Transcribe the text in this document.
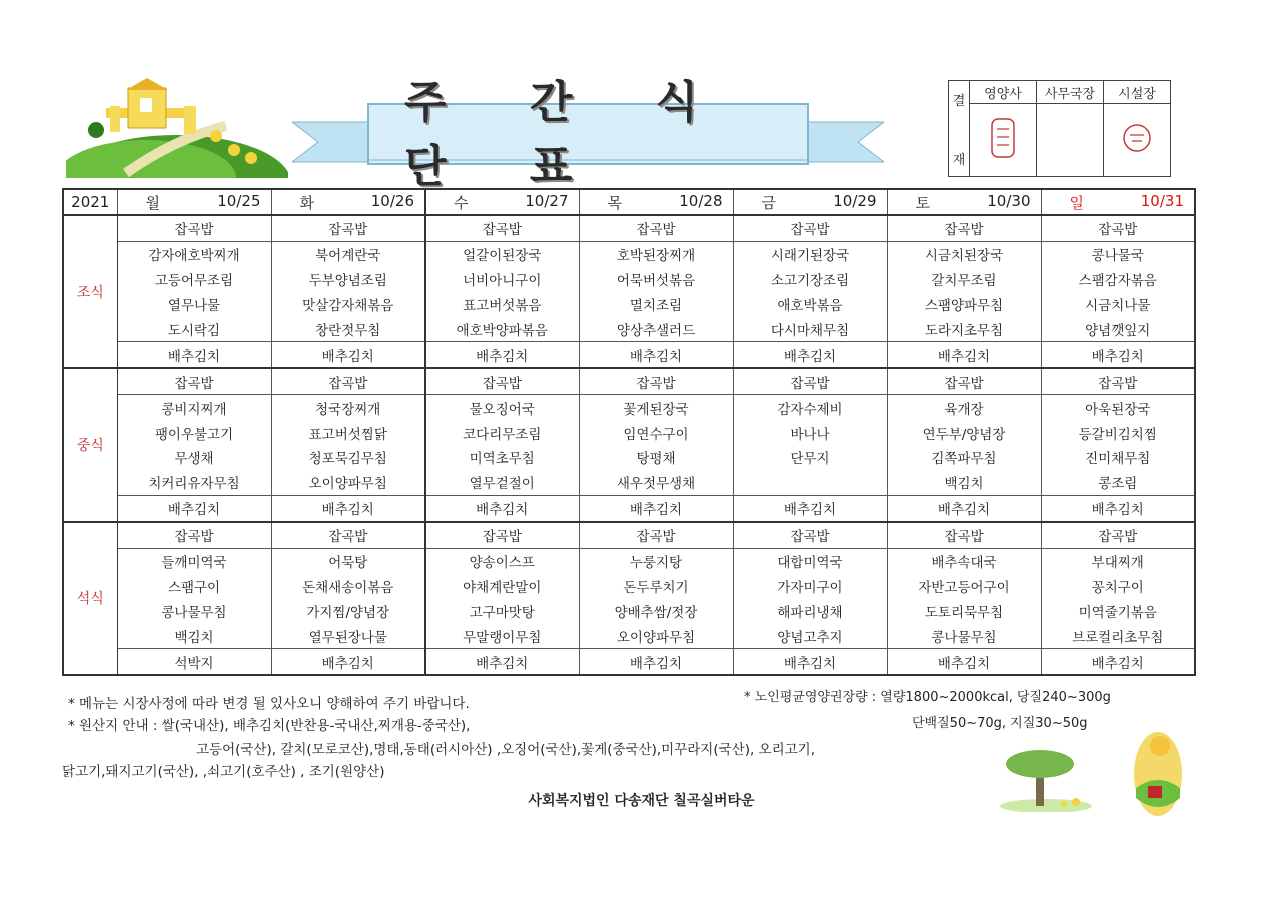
주 간 식 단 표
결
재	영양사	사무국장	시설장

2021	월 10/25	화 10/26	수 10/27	목 10/28	금 10/29	토 10/30	일 10/31

조식	잡곡밥	잡곡밥	잡곡밥	잡곡밥	잡곡밥	잡곡밥	잡곡밥
	감자애호박찌개	북어계란국	얼갈이된장국	호박된장찌개	시래기된장국	시금치된장국	콩나물국
	고등어무조림	두부양념조림	너비아니구이	어묵버섯볶음	소고기장조림	갈치무조림	스팸감자볶음
	열무나물	맛살감자채볶음	표고버섯볶음	멸치조림	애호박볶음	스팸양파무침	시금치나물
	도시락김	창란젓무침	애호박양파볶음	양상추샐러드	다시마채무침	도라지초무침	양념깻잎지
	배추김치	배추김치	배추김치	배추김치	배추김치	배추김치	배추김치
중식	잡곡밥	잡곡밥	잡곡밥	잡곡밥	잡곡밥	잡곡밥	잡곡밥
	콩비지찌개	청국장찌개	물오징어국	꽃게된장국	감자수제비	육개장	아욱된장국
	팽이우불고기	표고버섯찜닭	코다리무조림	임연수구이	바나나	연두부/양념장	등갈비김치찜
	무생채	청포묵김무침	미역초무침	탕평채	단무지	김쪽파무침	진미채무침
	치커리유자무침	오이양파무침	열무겉절이	새우젓무생채		백김치	콩조림
	배추김치	배추김치	배추김치	배추김치	배추김치	배추김치	배추김치
석식	잡곡밥	잡곡밥	잡곡밥	잡곡밥	잡곡밥	잡곡밥	잡곡밥
	들깨미역국	어묵탕	양송이스프	누룽지탕	대합미역국	배추속대국	부대찌개
	스팸구이	돈채새송이볶음	야채계란말이	돈두루치기	가자미구이	자반고등어구이	꽁치구이
	콩나물무침	가지찜/양념장	고구마맛탕	양배추쌈/젓장	해파리냉채	도토리묵무침	미역줄기볶음
	백김치	열무된장나물	무말랭이무침	오이양파무침	양념고추지	콩나물무침	브로컬리초무침
	석박지	배추김치	배추김치	배추김치	배추김치	배추김치	배추김치
* 메뉴는 시장사정에 따라 변경 될 있사오니 양해하여 주기 바랍니다.
* 원산지 안내 : 쌀(국내산), 배추김치(반찬용-국내산,찌개용-중국산),
고등어(국산), 갈치(모로코산),명태,동태(러시아산) ,오징어(국산),꽃게(중국산),미꾸라지(국산), 오리고기,
닭고기,돼지고기(국산), ,쇠고기(호주산) , 조기(원양산)
* 노인평균영양권장량 : 열량1800~2000kcal, 당질240~300g
단백질50~70g, 지질30~50g
사회복지법인 다송재단 칠곡실버타운
